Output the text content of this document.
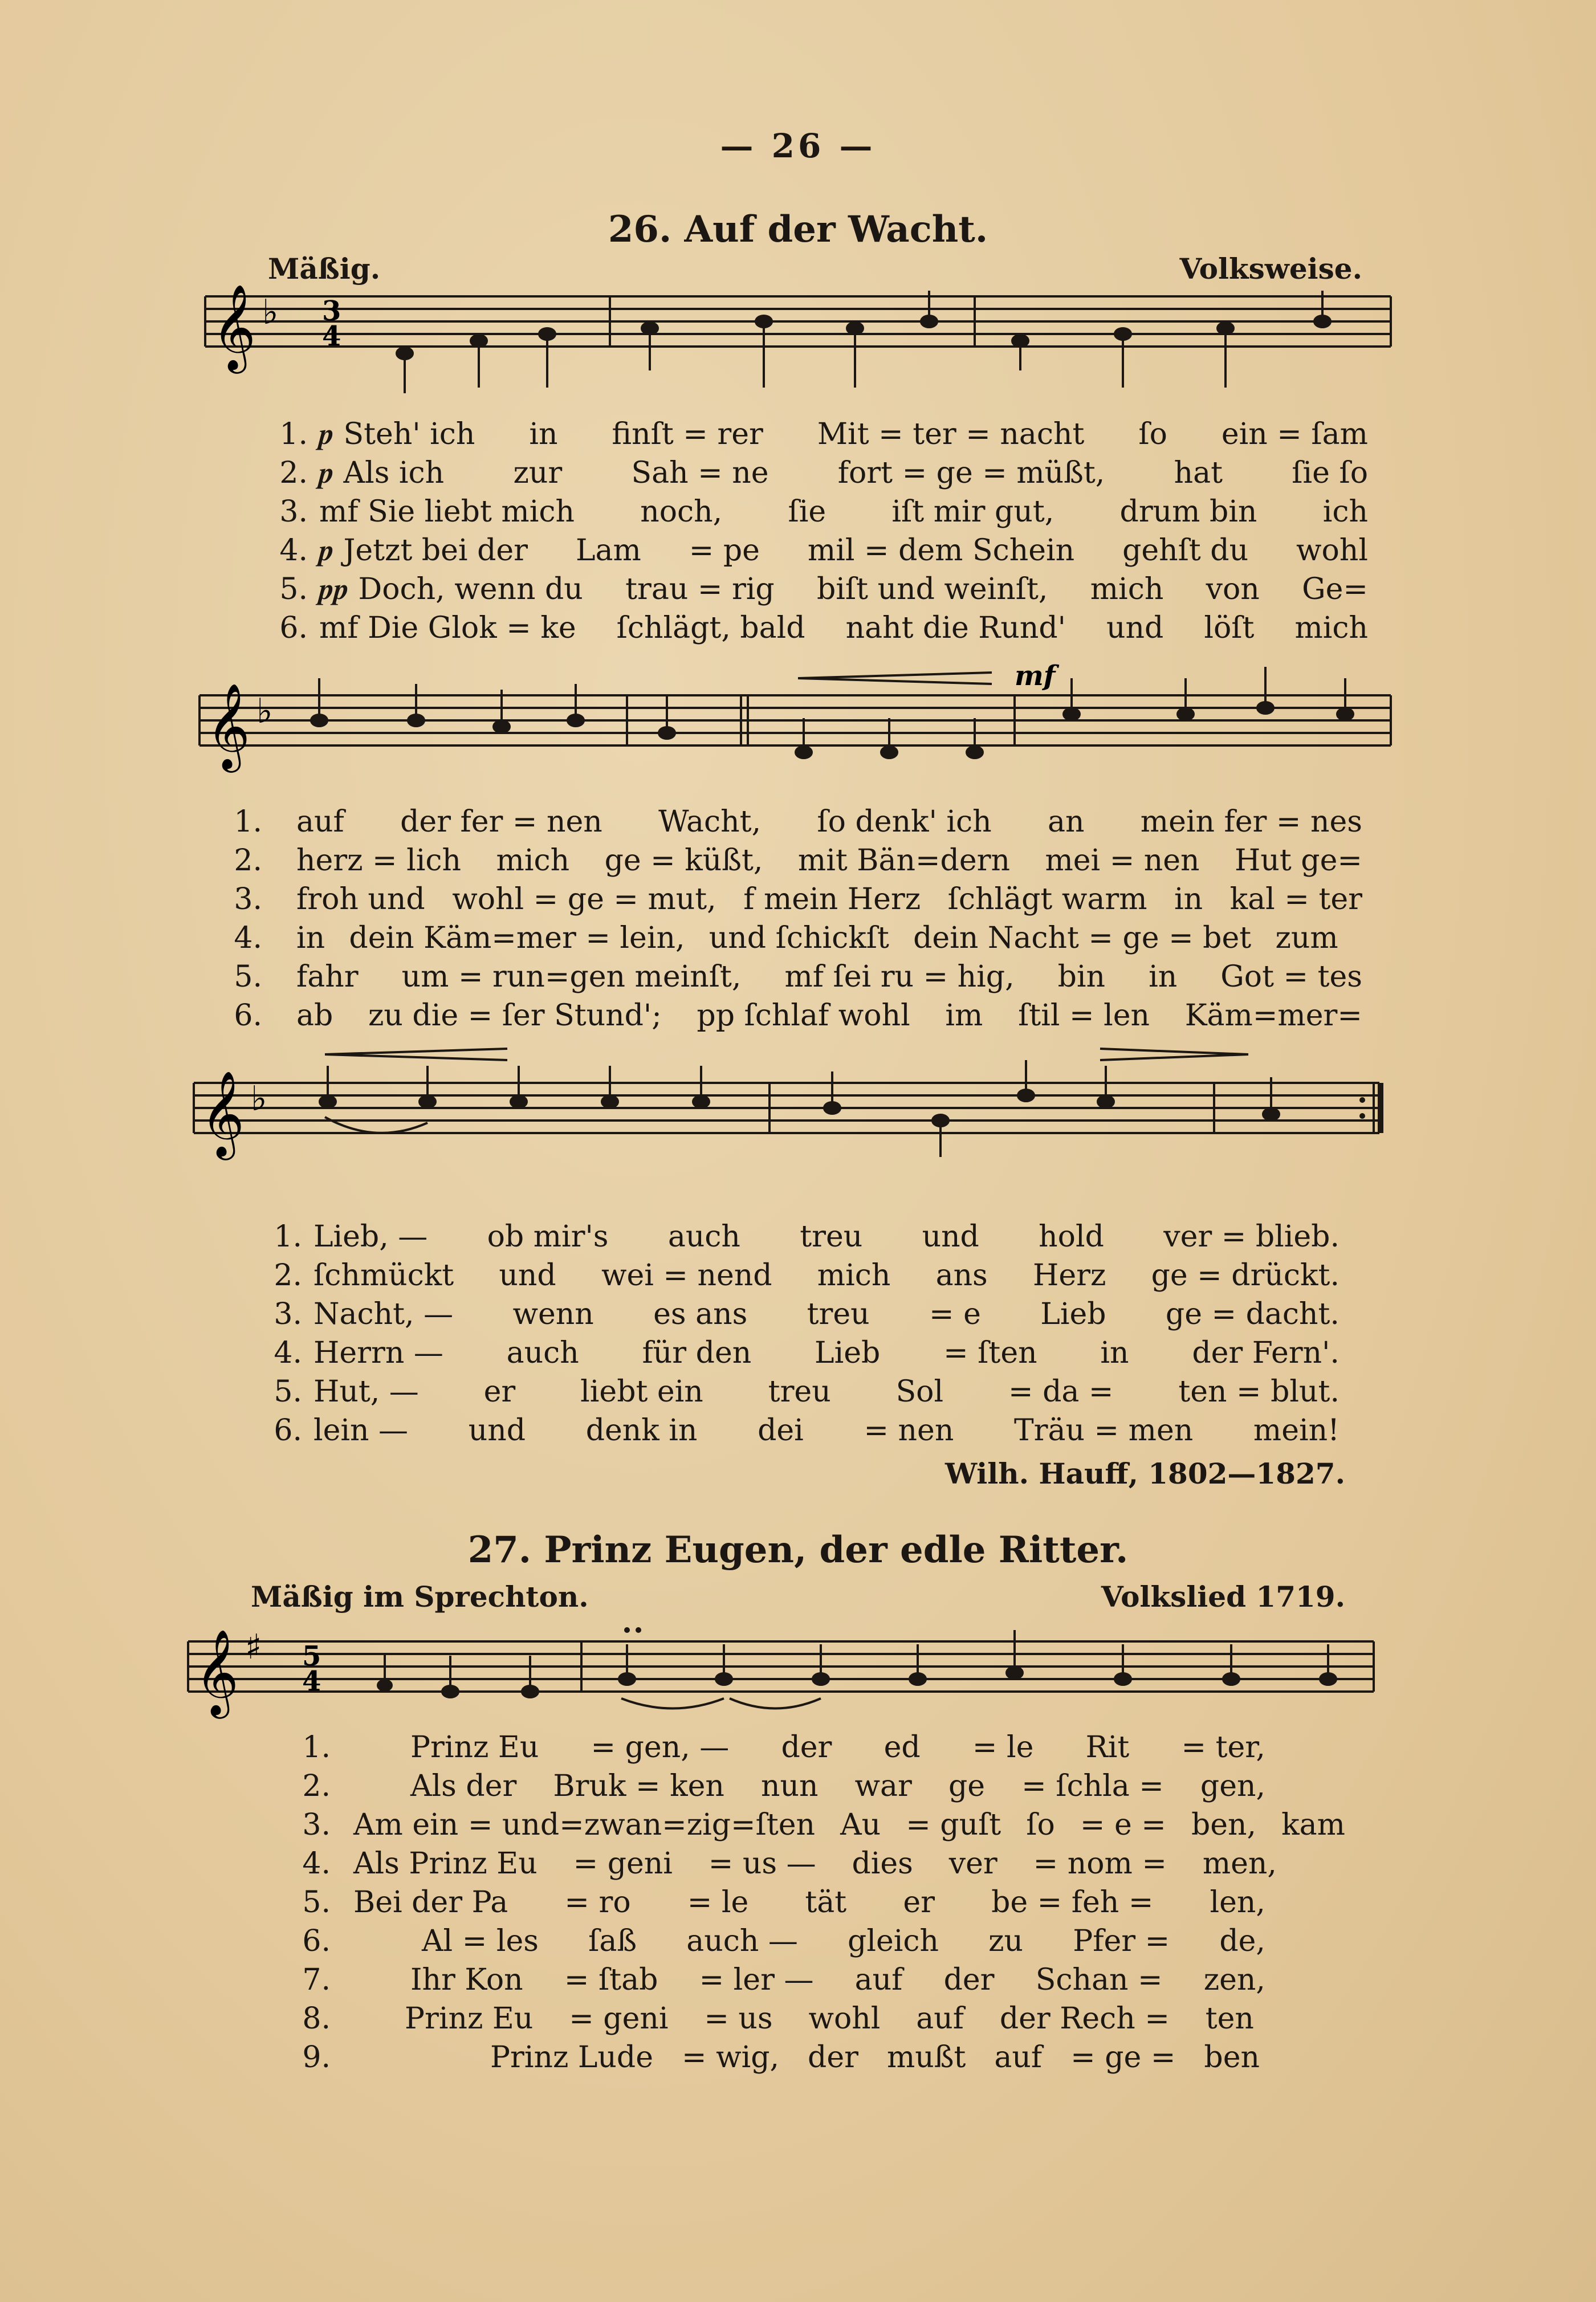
— 26 —
26. Auf der Wacht.
Mäßig.	Volksweise.
𝄞 ♭ 3
4
1. 𝆏 Steh' ich in finſt = rer Mit = ter = nacht ſo ein = ſam
2. 𝆏 Als ich zur Sah = ne fort = ge = müßt, hat ſie ſo
3. mf Sie liebt mich noch, ſie iſt mir gut, drum bin ich
4. 𝆏 Jetzt bei der Lam = pe mil = dem Schein gehſt du wohl
5. 𝆏𝆏 Doch, wenn du trau = rig biſt und weinſt, mich von Ge=
6. mf Die Glok = ke ſchlägt, bald naht die Rund' und löſt mich
mf
𝄞 ♭
1. auf der fer = nen Wacht, ſo denk' ich an mein fer = nes
2. herz = lich mich ge = küßt, mit Bän=dern mei = nen Hut ge=
3. froh und wohl = ge = mut, f mein Herz ſchlägt warm in kal = ter
4. in dein Käm=mer = lein, und ſchickſt dein Nacht = ge = bet zum
5. fahr um = run=gen meinſt, mf ſei ru = hig, bin in Got = tes
6. ab zu die = ſer Stund'; pp ſchlaf wohl im ſtil = len Käm=mer=
𝄞 ♭
1. Lieb, — ob mir's auch treu und hold ver = blieb.
2. ſchmückt und wei = nend mich ans Herz ge = drückt.
3. Nacht, — wenn es ans treu = e Lieb ge = dacht.
4. Herrn — auch für den Lieb = ſten in der Fern'.
5. Hut, — er liebt ein treu Sol = da = ten = blut.
6. lein — und denk in dei = nen Träu = men mein!
Wilh. Hauff, 1802—1827.
27. Prinz Eugen, der edle Ritter.
Mäßig im Sprechton.	Volkslied 1719.
𝄞 ♯ 5
4
1.	Prinz Eu = gen, — der ed = le Rit = ter,
2.	Als der Bruk = ken nun war ge = ſchla = gen,
3. Am ein = und=zwan=zig=ſten Au = guſt ſo = e = ben, kam
4. Als Prinz Eu = geni = us — dies ver = nom = men,
5. Bei der Pa = ro = le tät er be = feh = len,
6.	Al = les ſaß auch — gleich zu Pfer = de,
7.	Ihr Kon = ſtab = ler — auf der Schan = zen,
8.	Prinz Eu = geni = us wohl auf der Rech = ten
9.	Prinz Lude = wig, der mußt auf = ge = ben
